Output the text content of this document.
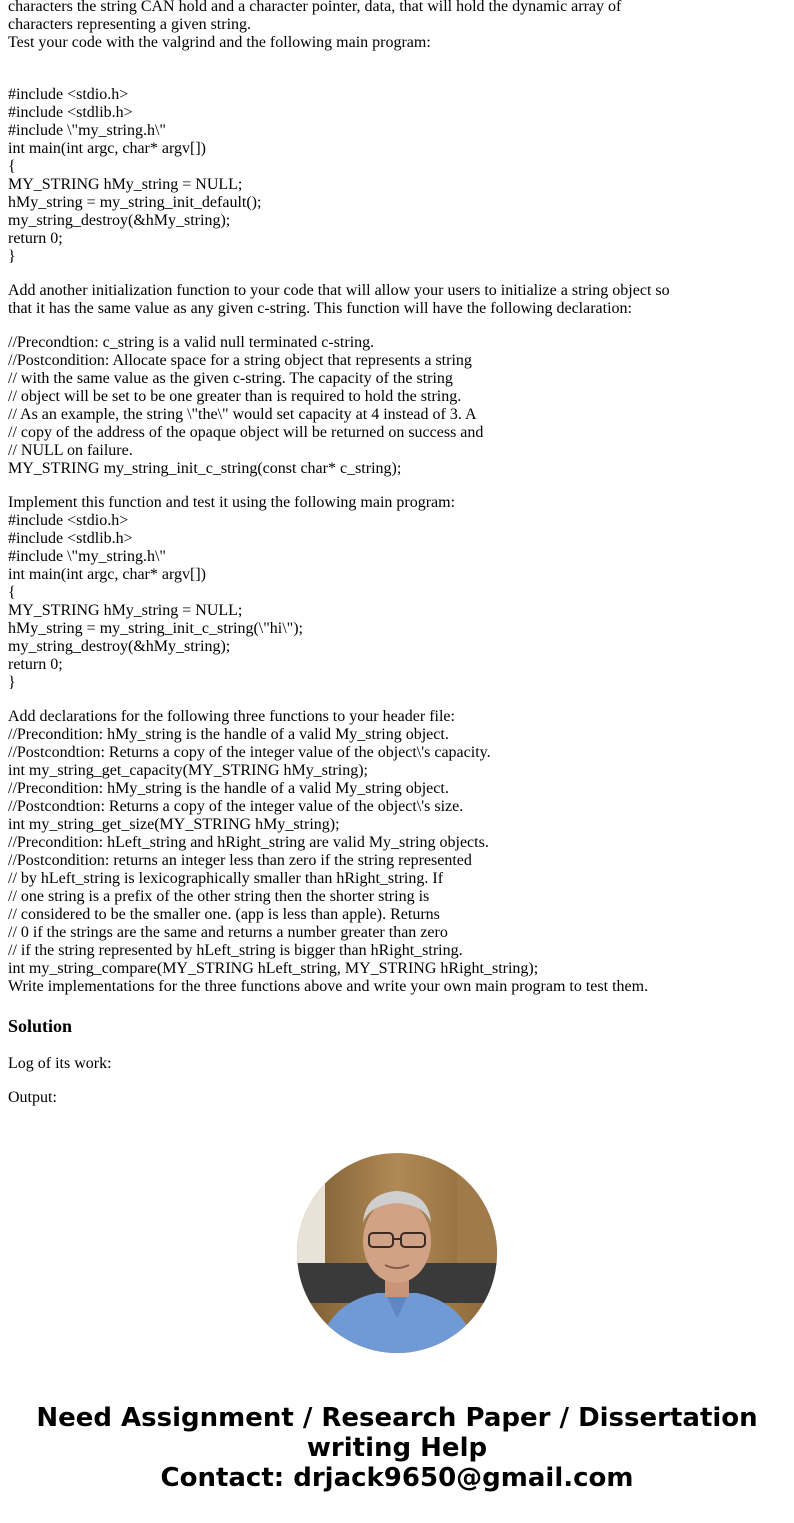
characters the string CAN hold and a character pointer, data, that will hold the dynamic array of
characters representing a given string.
Test your code with the valgrind and the following main program:
#include <stdio.h>
#include <stdlib.h>
#include \"my_string.h\"
int main(int argc, char* argv[])
{
MY_STRING hMy_string = NULL;
hMy_string = my_string_init_default();
my_string_destroy(&hMy_string);
return 0;
}
Add another initialization function to your code that will allow your users to initialize a string object so
that it has the same value as any given c-string. This function will have the following declaration:
//Precondtion: c_string is a valid null terminated c-string.
//Postcondition: Allocate space for a string object that represents a string
// with the same value as the given c-string. The capacity of the string
// object will be set to be one greater than is required to hold the string.
// As an example, the string \"the\" would set capacity at 4 instead of 3. A
// copy of the address of the opaque object will be returned on success and
// NULL on failure.
MY_STRING my_string_init_c_string(const char* c_string);
Implement this function and test it using the following main program:
#include <stdio.h>
#include <stdlib.h>
#include \"my_string.h\"
int main(int argc, char* argv[])
{
MY_STRING hMy_string = NULL;
hMy_string = my_string_init_c_string(\"hi\");
my_string_destroy(&hMy_string);
return 0;
}
Add declarations for the following three functions to your header file:
//Precondition: hMy_string is the handle of a valid My_string object.
//Postcondtion: Returns a copy of the integer value of the object\'s capacity.
int my_string_get_capacity(MY_STRING hMy_string);
//Precondition: hMy_string is the handle of a valid My_string object.
//Postcondtion: Returns a copy of the integer value of the object\'s size.
int my_string_get_size(MY_STRING hMy_string);
//Precondition: hLeft_string and hRight_string are valid My_string objects.
//Postcondition: returns an integer less than zero if the string represented
// by hLeft_string is lexicographically smaller than hRight_string. If
// one string is a prefix of the other string then the shorter string is
// considered to be the smaller one. (app is less than apple). Returns
// 0 if the strings are the same and returns a number greater than zero
// if the string represented by hLeft_string is bigger than hRight_string.
int my_string_compare(MY_STRING hLeft_string, MY_STRING hRight_string);
Write implementations for the three functions above and write your own main program to test them.
Solution
Log of its work:
Output:
Need Assignment / Research Paper / Dissertation
writing Help
Contact: drjack9650@gmail.com
